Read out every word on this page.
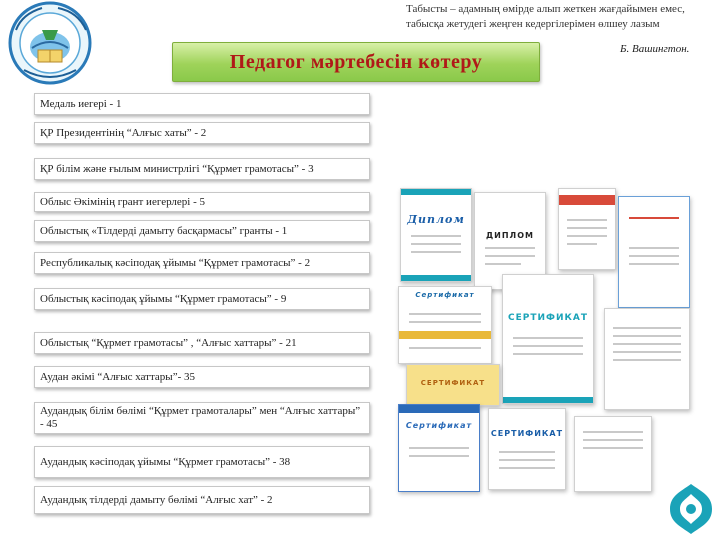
Табысты – адамның өмірде алып жеткен жағдайымен емес, табысқа жетудегі жеңген кедергілерімен өлшеу лазым
Б. Вашингтон.
Педагог мәртебесін көтеру
Медаль иегері - 1
ҚР Президентінің “Алғыс хаты” - 2
ҚР білім және ғылым министрлігі “Құрмет грамотасы” - 3
Облыс Әкімінің грант иегерлері - 5
Облыстық «Тілдерді дамыту басқармасы” гранты - 1
Республикалық кәсіподақ ұйымы “Құрмет грамотасы” - 2
Облыстық кәсіподақ ұйымы “Құрмет грамотасы” - 9
Облыстық “Құрмет грамотасы” , “Алғыс хаттары” - 21
Аудан әкімі “Алғыс хаттары”- 35
Аудандық білім бөлімі “Құрмет грамоталары” мен “Алғыс хаттары” - 45
Аудандық кәсіподақ ұйымы “Құрмет грамотасы” - 38
Аудандық тілдерді дамыту бөлімі “Алғыс хат” - 2
Диплом
ДИПЛОМ
Сертификат
СЕРТИФИКАТ
СЕРТИФИКАТ
Сертификат
СЕРТИФИКАТ
